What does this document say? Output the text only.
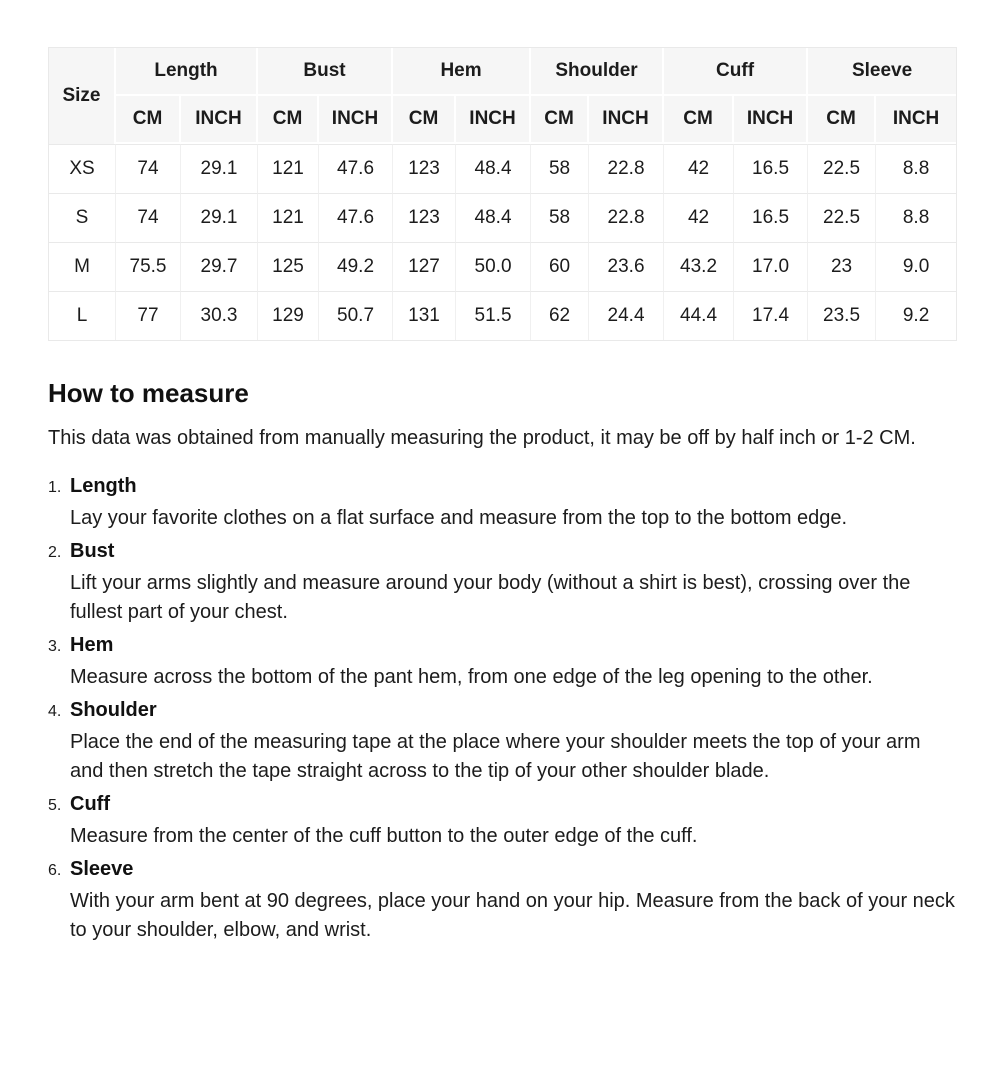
Size	Length		Bust		Hem		Shoulder		Cuff		Sleeve	
	CM	INCH	CM	INCH	CM	INCH	CM	INCH	CM	INCH	CM	INCH
XS	74	29.1	121	47.6	123	48.4	58	22.8	42	16.5	22.5	8.8
S	74	29.1	121	47.6	123	48.4	58	22.8	42	16.5	22.5	8.8
M	75.5	29.7	125	49.2	127	50.0	60	23.6	43.2	17.0	23	9.0
L	77	30.3	129	50.7	131	51.5	62	24.4	44.4	17.4	23.5	9.2
How to measure

This data was obtained from manually measuring the product, it may be off by half inch or 1-2 CM.

1. Length

Lay your favorite clothes on a flat surface and measure from the top to the bottom edge.

2. Bust

Lift your arms slightly and measure around your body (without a shirt is best), crossing over the fullest part of your chest.

3. Hem

Measure across the bottom of the pant hem, from one edge of the leg opening to the other.

4. Shoulder

Place the end of the measuring tape at the place where your shoulder meets the top of your arm and then stretch the tape straight across to the tip of your other shoulder blade.

5. Cuff

Measure from the center of the cuff button to the outer edge of the cuff.

6. Sleeve

With your arm bent at 90 degrees, place your hand on your hip. Measure from the back of your neck to your shoulder, elbow, and wrist.
